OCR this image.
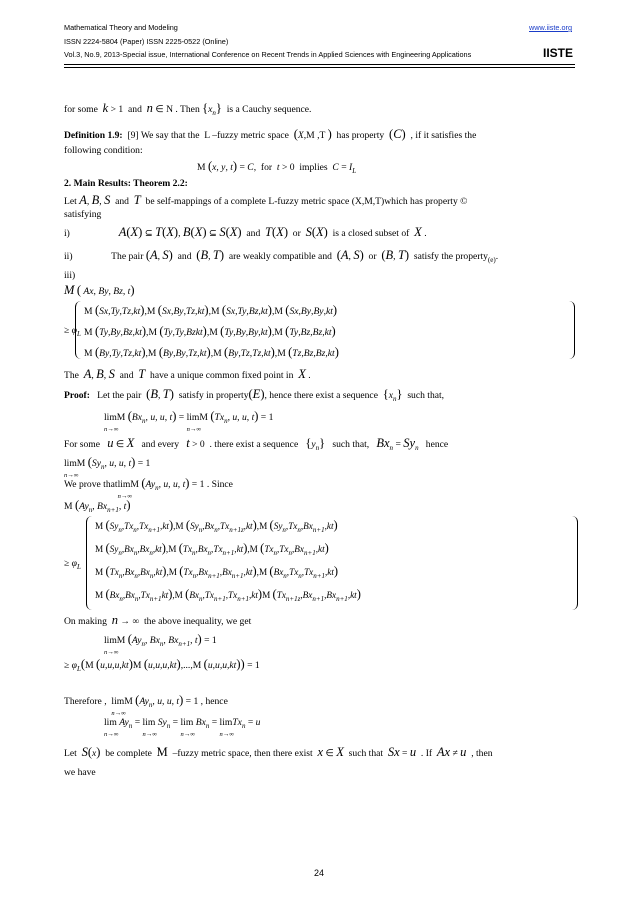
Mathematical Theory and Modeling	www.iiste.org
ISSN 2224-5804 (Paper) ISSN 2225-0522 (Online)
Vol.3, No.9, 2013-Special issue, International Conference on Recent Trends in Applied Sciences with Engineering Applications	IISTE
for some k > 1  and n ∈ N . Then $\{x_n\}$ is a Cauchy sequence.
Definition 1.9: [9] We say that the  L –fuzzy metric space (X,M ,T ) has property (C) , if it satisfies the
following condition:
M (x, y, t) = C,  for t > 0  implies $C = I_L$
2. Main Results: Theorem 2.2:
Let A, B, S and T be self-mappings of a complete L-fuzzy metric space (X,M,T)which has property ©
satisfying
i)	A(X) ⊆ T(X), B(X) ⊆ S(X) and T(X) or S(X) is a closed subset of X .
ii)	The pair (A, S) and (B, T) are weakly compatible and (A, S) or (B, T) satisfy the property$_{(e)}$.
iii)
M ( Ax, By, Bz, t)
≥ $\varphi_L$
M (Sx,Ty,Tz,kt),M (Sx,By,Tz,kt),M (Sx,Ty,Bz,kt),M (Sx,By,By,kt)
M (Ty,By,Bz,kt),M (Ty,Ty,Bzkt),M (Ty,By,By,kt),M (Ty,Bz,Bz,kt)
M (By,Ty,Tz,kt),M (By,By,Tz,kt),M (By,Tz,Tz,kt),M (Tz,Bz,Bz,kt)
The A, B, S and T have a unique common fixed point in X .
Proof: Let the pair (B, T) satisfy in property(E), hence there exist a sequence $\{x_n\}$ such that,
lim
n→∞
M ($Bx_n$, u, u, t) = lim
n→∞
M ($Tx_n$, u, u, t) = 1
For some u ∈ X and every t > 0  . there exist a sequence $\{y_n\}$ such that, $Bx_n = Sy_n$ hence
lim
n→∞
M ($Sy_n$, u, u, t) = 1
We prove thatlim
n→∞
M ($Ay_n$, u, u, t) = 1 . Since
M ($Ay_n$, $Bx_{n+1}$, t)
≥ $\varphi_L$
M $(Sy_n,Tx_n,Tx_{n+1},kt),M$ $(Sy_n,Bx_n,Tx_{n+1z},kt),M$ $(Sy_n,Tx_n,Bx_{n+1},kt)$
M $(Sy_n,Bx_n,Bx_n,kt),M$ $(Tx_n,Bx_n,Tx_{n+1},kt),M$ $(Tx_n,Tx_n,Bx_{n+1},kt)$
M $(Tx_n,Bx_n,Bx_n,kt),M$ $(Tx_n,Bx_{n+1},Bx_{n+1},kt),M$ $(Bx_n,Tx_n,Tx_{n+1},kt)$
M $(Bx_n,Bx_n,Tx_{n+1}kt),M$ $(Bx_n,Tx_{n+1},Tx_{n+1},kt)M$ $(Tx_{n+1z},Bx_{n+1},Bx_{n+1},kt)$
On making n → ∞  the above inequality, we get
lim
n→∞
M ($Ay_n$, $Bx_n$, $Bx_{n+1}$, t) = 1
≥ $\varphi_L(M$ (u,u,u,kt)M (u,u,u,kt),...,M (u,u,u,kt)) = 1
Therefore , lim
n→∞
M ($Ay_n$, u, u, t) = 1 , hence
lim
n→∞
$Ay_n = \lim$
n→∞
$Sy_n = \lim$
n→∞
$Bx_n = \lim$
n→∞
$Tx_n = u$
Let S(x) be complete M –fuzzy metric space, then there exist x ∈ X such that Sx = u . If Ax ≠ u , then
we have
24
